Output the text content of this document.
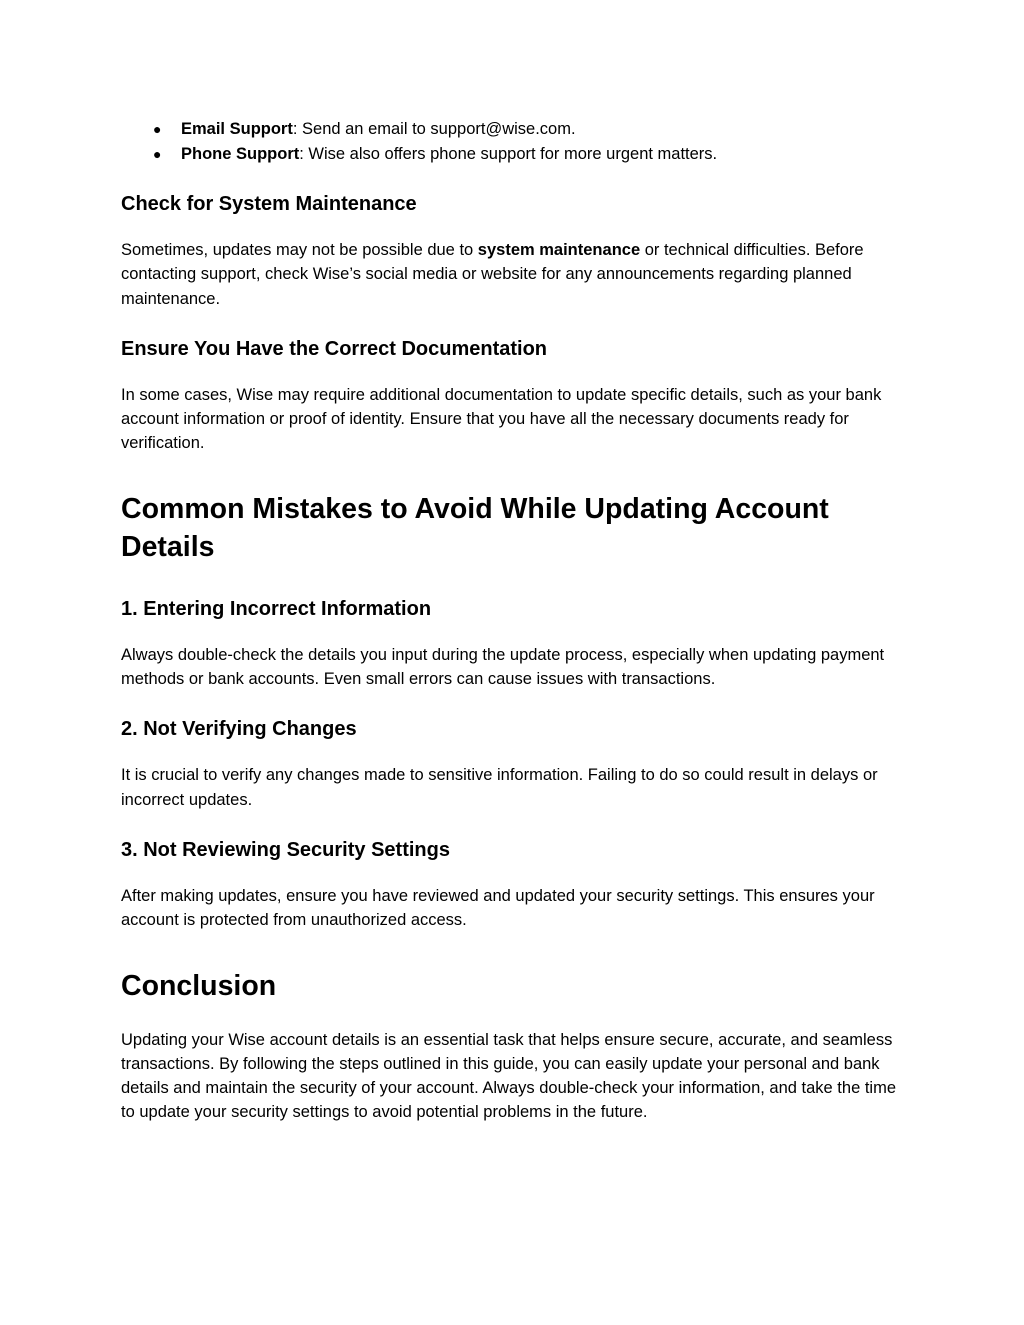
● Email Support: Send an email to support@wise.com.
● Phone Support: Wise also offers phone support for more urgent matters.
Check for System Maintenance

Sometimes, updates may not be possible due to system maintenance or technical difficulties. Before contacting support, check Wise’s social media or website for any announcements regarding planned maintenance.

Ensure You Have the Correct Documentation

In some cases, Wise may require additional documentation to update specific details, such as your bank account information or proof of identity. Ensure that you have all the necessary documents ready for verification.

Common Mistakes to Avoid While Updating Account Details
1. Entering Incorrect Information

Always double-check the details you input during the update process, especially when updating payment methods or bank accounts. Even small errors can cause issues with transactions.

2. Not Verifying Changes

It is crucial to verify any changes made to sensitive information. Failing to do so could result in delays or incorrect updates.

3. Not Reviewing Security Settings

After making updates, ensure you have reviewed and updated your security settings. This ensures your account is protected from unauthorized access.

Conclusion

Updating your Wise account details is an essential task that helps ensure secure, accurate, and seamless transactions. By following the steps outlined in this guide, you can easily update your personal and bank details and maintain the security of your account. Always double-check your information, and take the time to update your security settings to avoid potential problems in the future.
